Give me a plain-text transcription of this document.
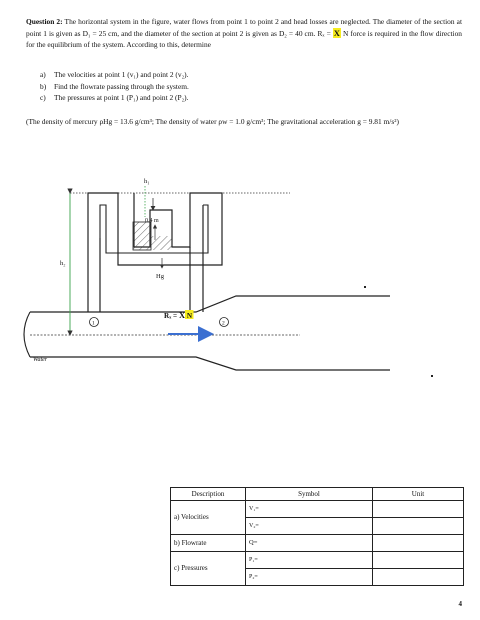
Question 2: The horizontal system in the figure, water flows from point 1 to point 2 and head losses are neglected. The diameter of the section at point 1 is given as D₁ = 25 cm, and the diameter of the section at point 2 is given as D₂ = 40 cm. Rₓ = X N force is required in the flow direction for the equilibrium of the system. According to this, determine
a) The velocities at point 1 (v₁) and point 2 (v₂).
b) Find the flowrate passing through the system.
c) The pressures at point 1 (P₁) and point 2 (P₂).
(The density of mercury ρHg = 13.6 g/cm³; The density of water ρw = 1.0 g/cm³; The gravitational acceleration g = 9.81 m/s²)
h₁
h₂
0.4 m
Hg
1	2
Water
Rₓ = X N
Description	Symbol	Unit
a) Velocities	V₁=	
	V₂=	
b) Flowrate	Q=	
c) Pressures	P₁=	
	P₂=	
4
